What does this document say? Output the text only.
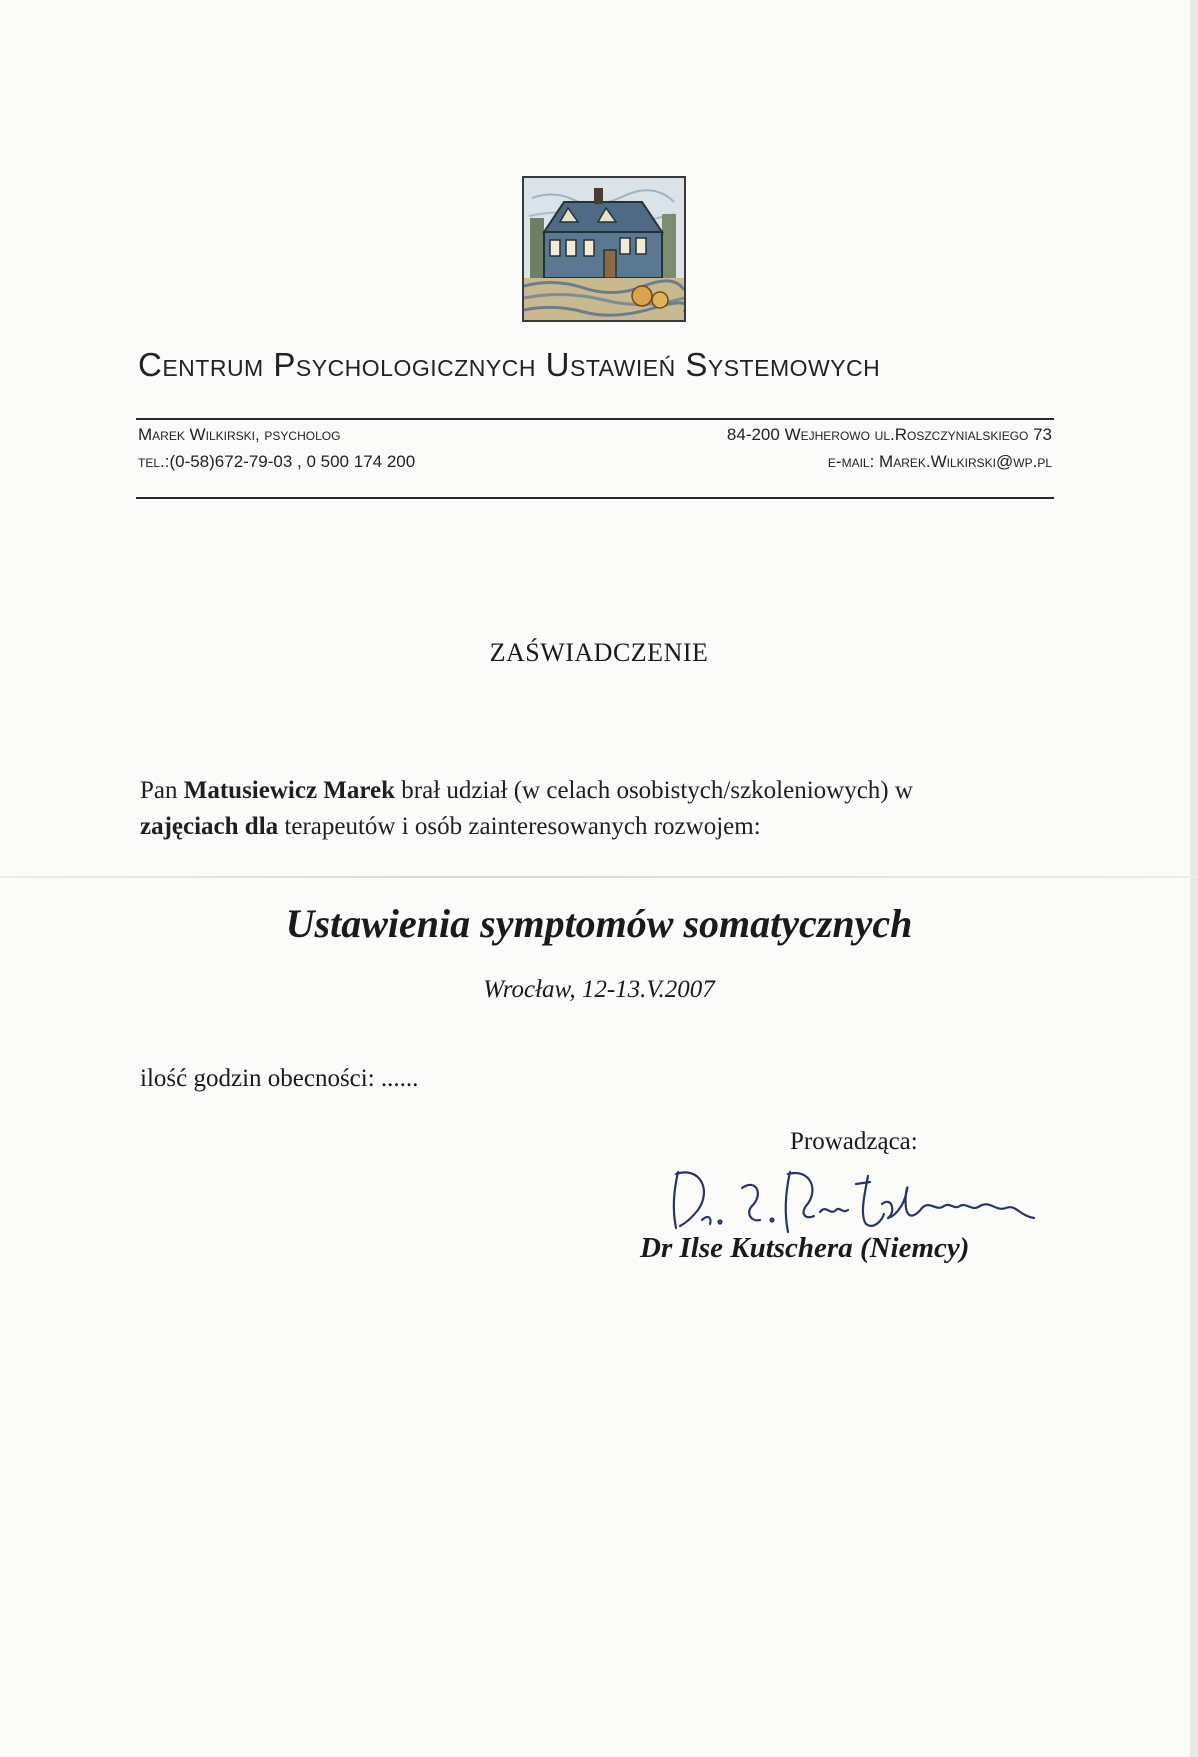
Centrum Psychologicznych Ustawień Systemowych
Marek Wilkirski, psycholog
tel.:(0-58)672-79-03 , 0 500 174 200
84-200 Wejherowo ul.Roszczynialskiego 73
e-mail: Marek.Wilkirski@wp.pl
ZAŚWIADCZENIE
Pan Matusiewicz Marek brał udział (w celach osobistych/szkoleniowych) w
zajęciach dla terapeutów i osób zainteresowanych rozwojem:
Ustawienia symptomów somatycznych
Wrocław, 12-13.V.2007
ilość godzin obecności: ......
Prowadząca:
Dr Ilse Kutschera (Niemcy)
